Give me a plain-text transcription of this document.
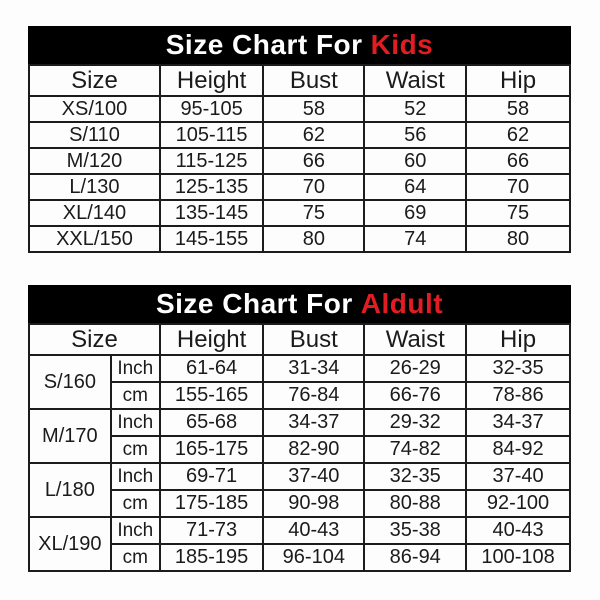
Size Chart For Kids
Size	Height	Bust	Waist	Hip
XS/100	95-105	58	52	58
S/110	105-115	62	56	62
M/120	115-125	66	60	66
L/130	125-135	70	64	70
XL/140	135-145	75	69	75
XXL/150	145-155	80	74	80
Size Chart For Aldult
Size		Height	Bust	Waist	Hip
S/160	Inch	61-64	31-34	26-29	32-35
	cm	155-165	76-84	66-76	78-86
M/170	Inch	65-68	34-37	29-32	34-37
	cm	165-175	82-90	74-82	84-92
L/180	Inch	69-71	37-40	32-35	37-40
	cm	175-185	90-98	80-88	92-100
XL/190	Inch	71-73	40-43	35-38	40-43
	cm	185-195	96-104	86-94	100-108
